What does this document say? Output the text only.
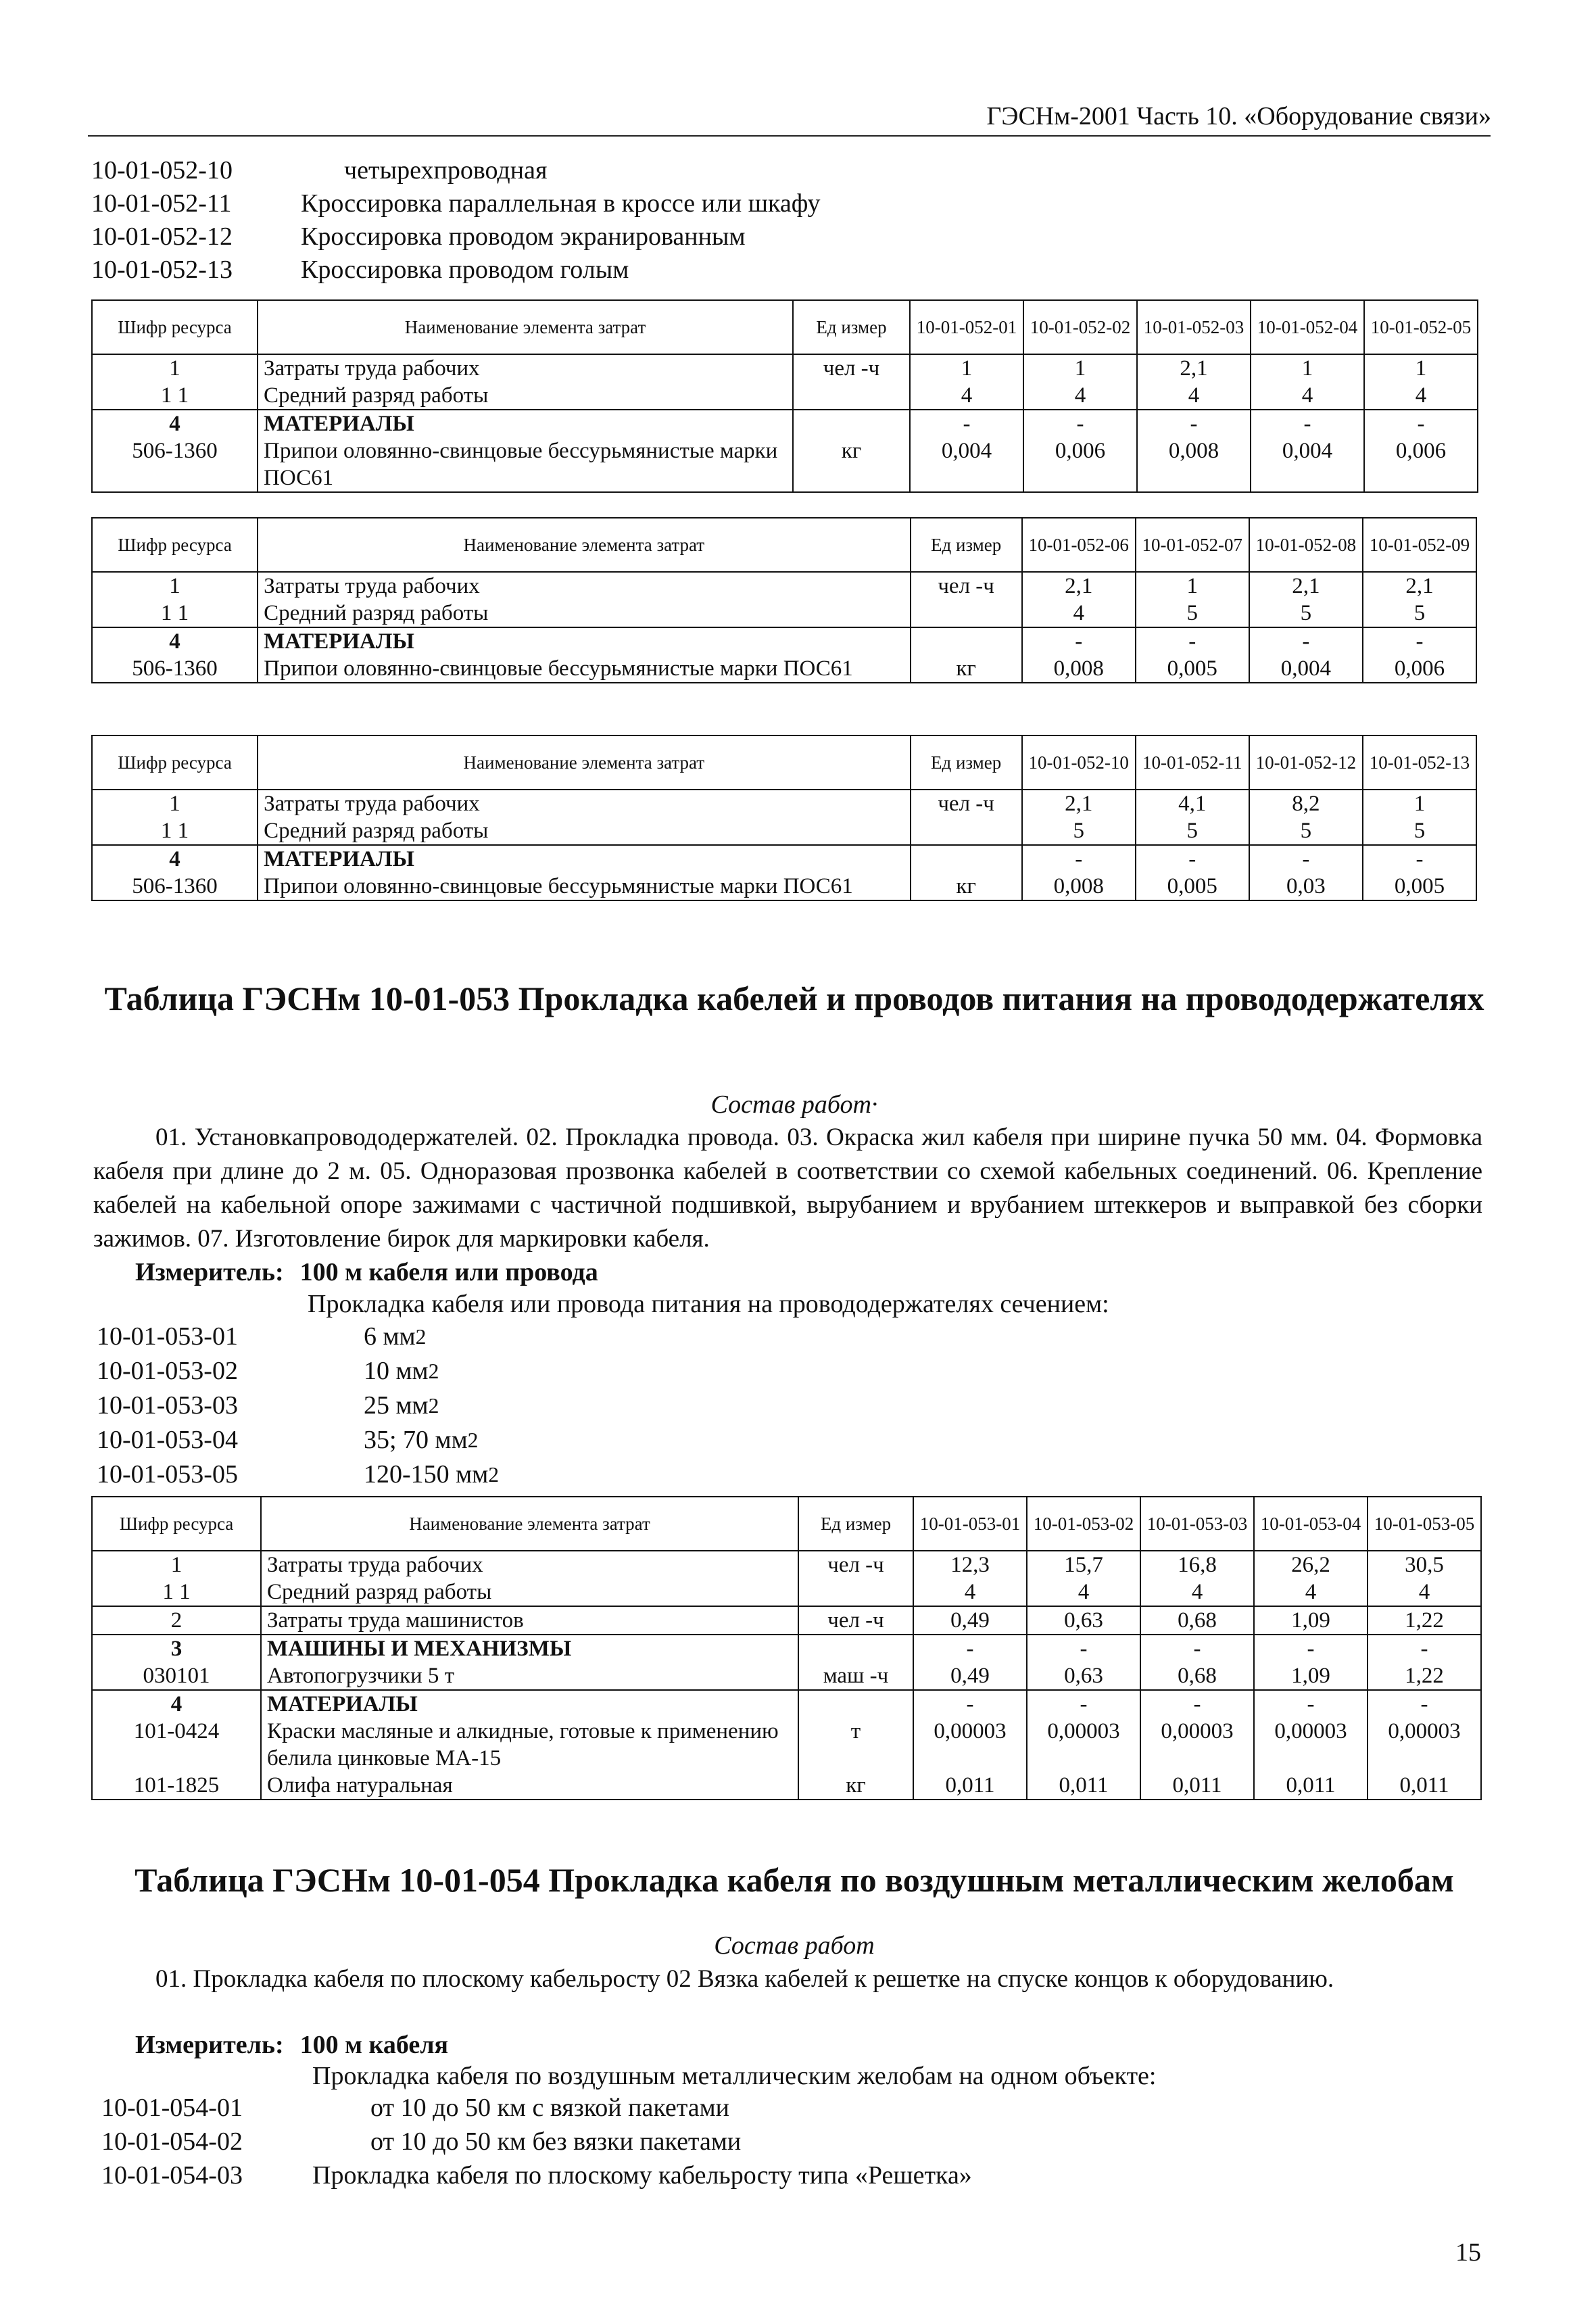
ГЭСНм-2001 Часть 10. «Оборудование связи»
10-01-052-10	четырехпроводная
10-01-052-11	Кроссировка параллельная в кроссе или шкафу
10-01-052-12	Кроссировка проводом экранированным
10-01-052-13	Кроссировка проводом голым
Шифр ресурса	Наименование элемента затрат	Ед измер	10-01-052-01	10-01-052-02	10-01-052-03	10-01-052-04	10-01-052-05
1	Затраты труда рабочих	чел -ч	1	1	2,1	1	1
1 1	Средний разряд работы		4	4	4	4	4
4	МАТЕРИАЛЫ		-	-	-	-	-
506-1360	Припои оловянно-свинцовые бессурьмянистые марки ПОС61	кг	0,004	0,006	0,008	0,004	0,006
Шифр ресурса	Наименование элемента затрат	Ед измер	10-01-052-06	10-01-052-07	10-01-052-08	10-01-052-09
1	Затраты труда рабочих	чел -ч	2,1	1	2,1	2,1
1 1	Средний разряд работы		4	5	5	5
4	МАТЕРИАЛЫ		-	-	-	-
506-1360	Припои оловянно-свинцовые бессурьмянистые марки ПОС61	кг	0,008	0,005	0,004	0,006
Шифр ресурса	Наименование элемента затрат	Ед измер	10-01-052-10	10-01-052-11	10-01-052-12	10-01-052-13
1	Затраты труда рабочих	чел -ч	2,1	4,1	8,2	1
1 1	Средний разряд работы		5	5	5	5
4	МАТЕРИАЛЫ		-	-	-	-
506-1360	Припои оловянно-свинцовые бессурьмянистые марки ПОС61	кг	0,008	0,005	0,03	0,005
Таблица ГЭСНм 10-01-053 Прокладка кабелей и проводов питания на провододержателях
Состав работ·
01. Установкапровододержателей. 02. Прокладка провода. 03. Окраска жил кабеля при ширине пучка 50 мм. 04. Формовка кабеля при длине до 2 м. 05. Одноразовая прозвонка кабелей в соответствии со схемой кабельных соединений. 06. Крепление кабелей на кабельной опоре зажимами с частичной подшивкой, вырубанием и врубанием штеккеров и выправкой без сборки зажимов. 07. Изготовление бирок для маркировки кабеля.
Измеритель: 100 м кабеля или провода
Прокладка кабеля или провода питания на провододержателях сечением:
10-01-053-01	6 мм 2
10-01-053-02	10 мм 2
10-01-053-03	25 мм 2
10-01-053-04	35; 70 мм 2
10-01-053-05	120-150 мм 2
Шифр ресурса	Наименование элемента затрат	Ед измер	10-01-053-01	10-01-053-02	10-01-053-03	10-01-053-04	10-01-053-05
1	Затраты труда рабочих	чел -ч	12,3	15,7	16,8	26,2	30,5
1 1	Средний разряд работы		4	4	4	4	4
2	Затраты труда машинистов	чел -ч	0,49	0,63	0,68	1,09	1,22
3	МАШИНЫ И МЕХАНИЗМЫ		-	-	-	-	-
030101	Автопогрузчики 5 т	маш -ч	0,49	0,63	0,68	1,09	1,22
4	МАТЕРИАЛЫ		-	-	-	-	-
101-0424	Краски масляные и алкидные, готовые к применению белила цинковые МА-15	т	0,00003	0,00003	0,00003	0,00003	0,00003
101-1825	Олифа натуральная	кг	0,011	0,011	0,011	0,011	0,011
Таблица ГЭСНм 10-01-054 Прокладка кабеля по воздушным металлическим желобам
Состав работ
01. Прокладка кабеля по плоскому кабельросту 02 Вязка кабелей к решетке на спуске концов к оборудованию.
Измеритель: 100 м кабеля
Прокладка кабеля по воздушным металлическим желобам на одном объекте:
10-01-054-01	от 10 до 50 км с вязкой пакетами
10-01-054-02	от 10 до 50 км без вязки пакетами
10-01-054-03	Прокладка кабеля по плоскому кабельросту типа «Решетка»
15
